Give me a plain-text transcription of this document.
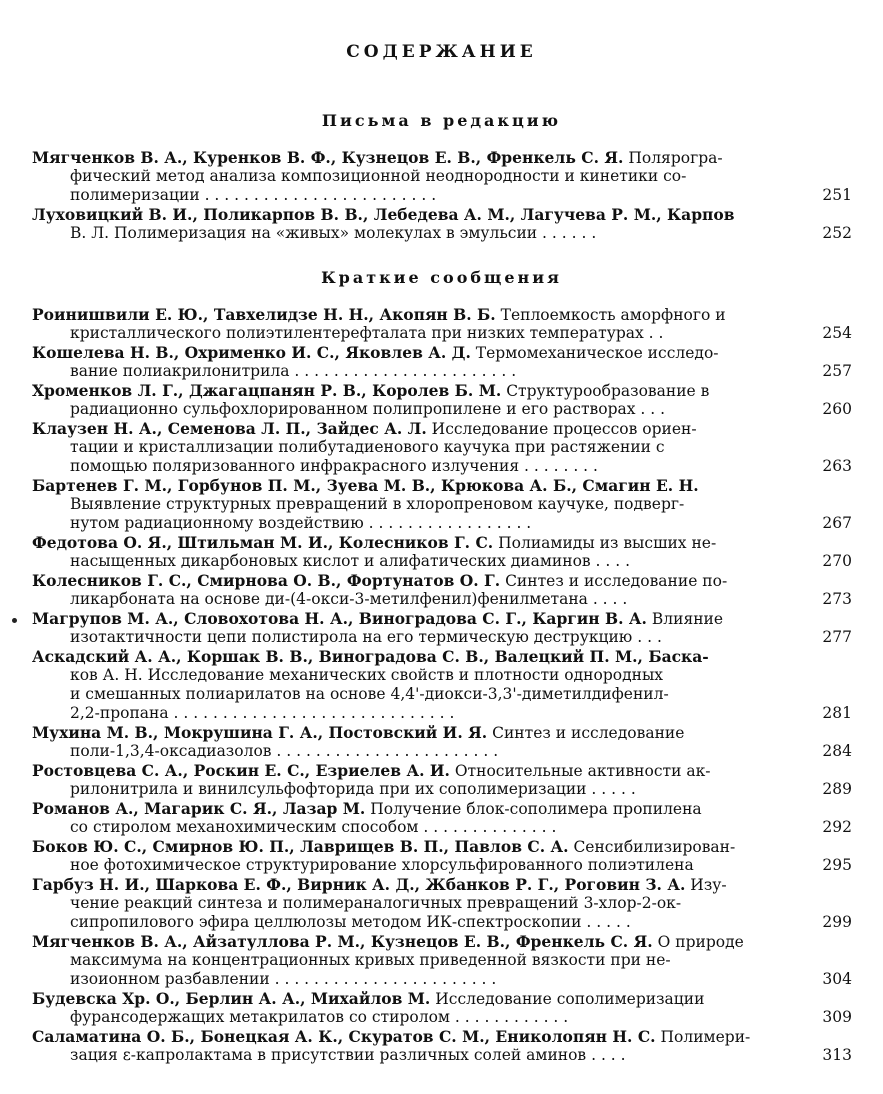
СОДЕРЖАНИЕ
Письма в редакцию
Мягченков В. А., Куренков В. Ф., Кузнецов Е. В., Френкель С. Я. Полярогра-
фический метод анализа композиционной неоднородности и кинетики со-
полимеризации . . . . . . . . . . . . . . . . . . . . . . . .	251
Луховицкий В. И., Поликарпов В. В., Лебедева А. М., Лагучева Р. М., Карпов
В. Л. Полимеризация на «живых» молекулах в эмульсии . . . . . .	252
Краткие сообщения
Роинишвили Е. Ю., Тавхелидзе Н. Н., Акопян В. Б. Теплоемкость аморфного и
кристаллического полиэтилентерефталата при низких температурах . .	254
Кошелева Н. В., Охрименко И. С., Яковлев А. Д. Термомеханическое исследо-
вание полиакрилонитрила . . . . . . . . . . . . . . . . . . . . . . .	257
Хроменков Л. Г., Джагацпанян Р. В., Королев Б. М. Структурообразование в
радиационно сульфохлорированном полипропилене и его растворах . . .	260
Клаузен Н. А., Семенова Л. П., Зайдес А. Л. Исследование процессов ориен-
тации и кристаллизации полибутадиенового каучука при растяжении с
помощью поляризованного инфракрасного излучения . . . . . . . .	263
Бартенев Г. М., Горбунов П. М., Зуева М. В., Крюкова А. Б., Смагин Е. Н.
Выявление структурных превращений в хлоропреновом каучуке, подверг-
нутом радиационному воздействию . . . . . . . . . . . . . . . . .	267
Федотова О. Я., Штильман М. И., Колесников Г. С. Полиамиды из высших не-
насыщенных дикарбоновых кислот и алифатических диаминов . . . .	270
Колесников Г. С., Смирнова О. В., Фортунатов О. Г. Синтез и исследование по-
ликарбоната на основе ди-(4-окси-3-метилфенил)фенилметана . . . .	273
Магрупов М. А., Словохотова Н. А., Виноградова С. Г., Каргин В. А. Влияние
изотактичности цепи полистирола на его термическую деструкцию . . .	277
Аскадский А. А., Коршак В. В., Виноградова С. В., Валецкий П. М., Баска-
ков А. Н. Исследование механических свойств и плотности однородных
и смешанных полиарилатов на основе 4,4'-диокси-3,3'-диметилдифенил-
2,2-пропана . . . . . . . . . . . . . . . . . . . . . . . . . . . . .	281
Мухина М. В., Мокрушина Г. А., Постовский И. Я. Синтез и исследование
поли-1,3,4-оксадиазолов . . . . . . . . . . . . . . . . . . . . . . .	284
Ростовцева С. А., Роскин Е. С., Езриелев А. И. Относительные активности ак-
рилонитрила и винилсульфофторида при их сополимеризации . . . . .	289
Романов А., Магарик С. Я., Лазар М. Получение блок-сополимера пропилена
со стиролом механохимическим способом . . . . . . . . . . . . . .	292
Боков Ю. С., Смирнов Ю. П., Лаврищев В. П., Павлов С. А. Сенсибилизирован-
ное фотохимическое структурирование хлорсульфированного полиэтилена	295
Гарбуз Н. И., Шаркова Е. Ф., Вирник А. Д., Жбанков Р. Г., Роговин З. А. Изу-
чение реакций синтеза и полимераналогичных превращений 3-хлор-2-ок-
сипропилового эфира целлюлозы методом ИК-спектроскопии . . . . .	299
Мягченков В. А., Айзатуллова Р. М., Кузнецов Е. В., Френкель С. Я. О природе
максимума на концентрационных кривых приведенной вязкости при не-
изоионном разбавлении . . . . . . . . . . . . . . . . . . . . . . .	304
Будевска Хр. О., Берлин А. А., Михайлов М. Исследование сополимеризации
фурансодержащих метакрилатов со стиролом . . . . . . . . . . . .	309
Саламатина О. Б., Бонецкая А. К., Скуратов С. М., Ениколопян Н. С. Полимери-
зация ε-капролактама в присутствии различных солей аминов . . . .	313
